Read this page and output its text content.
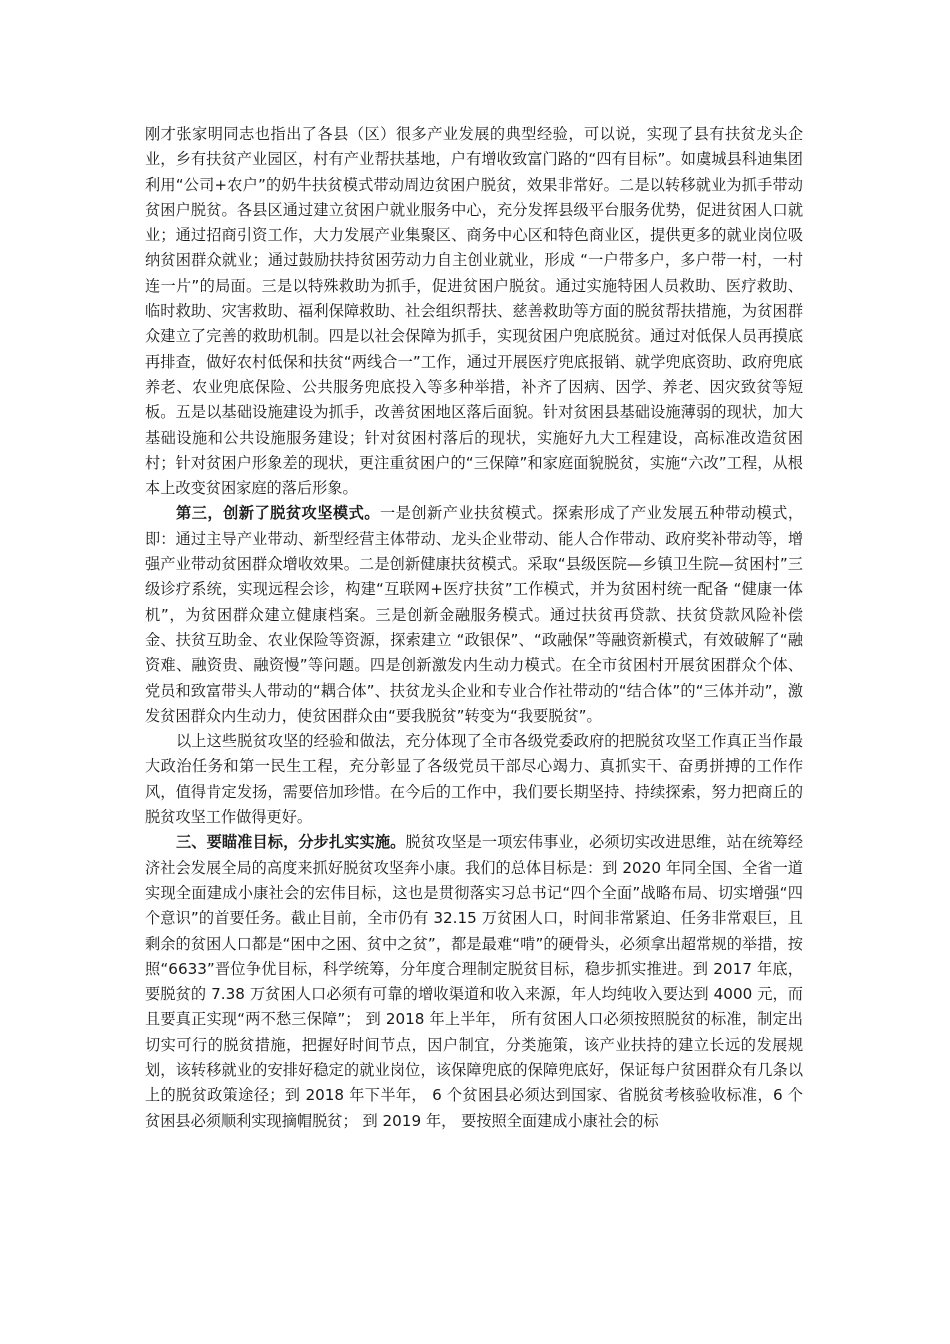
刚才张家明同志也指出了各县（区）很多产业发展的典型经验，可以说，实现了县有扶贫龙头企业，乡有扶贫产业园区，村有产业帮扶基地，户有增收致富门路的“四有目标”。如虞城县科迪集团利用“公司+农户”的奶牛扶贫模式带动周边贫困户脱贫，效果非常好。二是以转移就业为抓手带动贫困户脱贫。各县区通过建立贫困户就业服务中心，充分发挥县级平台服务优势，促进贫困人口就业；通过招商引资工作，大力发展产业集聚区、商务中心区和特色商业区，提供更多的就业岗位吸纳贫困群众就业；通过鼓励扶持贫困劳动力自主创业就业，形成 “一户带多户，多户带一村，一村连一片”的局面。三是以特殊救助为抓手，促进贫困户脱贫。通过实施特困人员救助、医疗救助、临时救助、灾害救助、福利保障救助、社会组织帮扶、慈善救助等方面的脱贫帮扶措施，为贫困群众建立了完善的救助机制。四是以社会保障为抓手，实现贫困户兜底脱贫。通过对低保人员再摸底再排查，做好农村低保和扶贫“两线合一”工作，通过开展医疗兜底报销、就学兜底资助、政府兜底养老、农业兜底保险、公共服务兜底投入等多种举措，补齐了因病、因学、养老、因灾致贫等短板。五是以基础设施建设为抓手，改善贫困地区落后面貌。针对贫困县基础设施薄弱的现状，加大基础设施和公共设施服务建设；针对贫困村落后的现状，实施好九大工程建设，高标准改造贫困村；针对贫困户形象差的现状，更注重贫困户的“三保障”和家庭面貌脱贫，实施“六改”工程，从根本上改变贫困家庭的落后形象。

第三，创新了脱贫攻坚模式。一是创新产业扶贫模式。探索形成了产业发展五种带动模式，即：通过主导产业带动、新型经营主体带动、龙头企业带动、能人合作带动、政府奖补带动等，增强产业带动贫困群众增收效果。二是创新健康扶贫模式。采取“县级医院—乡镇卫生院—贫困村”三级诊疗系统，实现远程会诊，构建“互联网+医疗扶贫”工作模式，并为贫困村统一配备 “健康一体机”，为贫困群众建立健康档案。三是创新金融服务模式。通过扶贫再贷款、扶贫贷款风险补偿金、扶贫互助金、农业保险等资源，探索建立 “政银保”、“政融保”等融资新模式，有效破解了“融资难、融资贵、融资慢”等问题。四是创新激发内生动力模式。在全市贫困村开展贫困群众个体、党员和致富带头人带动的“耦合体”、扶贫龙头企业和专业合作社带动的“结合体”的“三体并动”，激发贫困群众内生动力，使贫困群众由“要我脱贫”转变为“我要脱贫”。

以上这些脱贫攻坚的经验和做法，充分体现了全市各级党委政府的把脱贫攻坚工作真正当作最大政治任务和第一民生工程，充分彰显了各级党员干部尽心竭力、真抓实干、奋勇拼搏的工作作风，值得肯定发扬，需要倍加珍惜。在今后的工作中，我们要长期坚持、持续探索，努力把商丘的脱贫攻坚工作做得更好。

三、要瞄准目标，分步扎实实施。脱贫攻坚是一项宏伟事业，必须切实改进思维，站在统筹经济社会发展全局的高度来抓好脱贫攻坚奔小康。我们的总体目标是：到 2020 年同全国、全省一道实现全面建成小康社会的宏伟目标，这也是贯彻落实习总书记“四个全面”战略布局、切实增强“四个意识”的首要任务。截止目前，全市仍有 32.15 万贫困人口，时间非常紧迫、任务非常艰巨，且剩余的贫困人口都是“困中之困、贫中之贫”，都是最难“啃”的硬骨头，必须拿出超常规的举措，按照“6633”晋位争优目标，科学统筹，分年度合理制定脱贫目标，稳步抓实推进。到 2017 年底， 要脱贫的 7.38 万贫困人口必须有可靠的增收渠道和收入来源，年人均纯收入要达到 4000 元，而且要真正实现“两不愁三保障”； 到 2018 年上半年， 所有贫困人口必须按照脱贫的标准，制定出切实可行的脱贫措施，把握好时间节点，因户制宜，分类施策，该产业扶持的建立长远的发展规划，该转移就业的安排好稳定的就业岗位，该保障兜底的保障兜底好，保证每户贫困群众有几条以上的脱贫政策途径；到 2018 年下半年， 6 个贫困县必须达到国家、省脱贫考核验收标准，6 个贫困县必须顺利实现摘帽脱贫； 到 2019 年， 要按照全面建成小康社会的标
